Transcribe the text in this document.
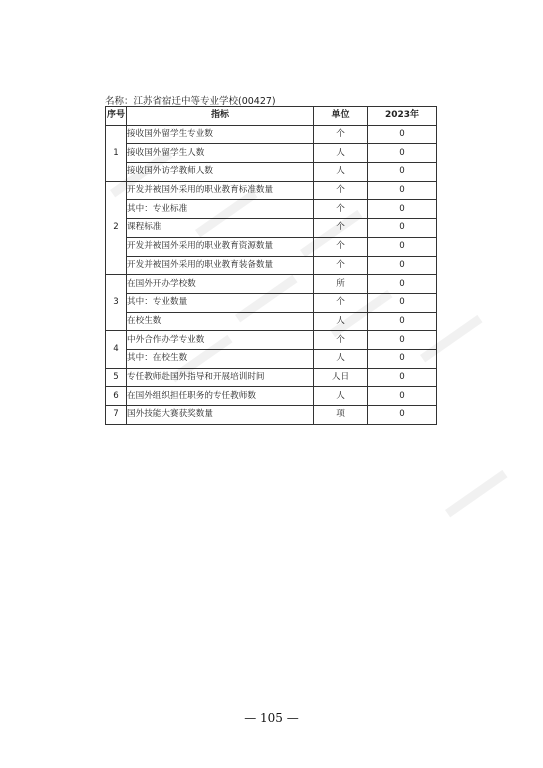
名称：江苏省宿迁中等专业学校(00427)
序号	指标	单位	2023年
1	接收国外留学生专业数	个	0
	接收国外留学生人数	人	0
	接收国外访学教师人数	人	0
2	开发并被国外采用的职业教育标准数量	个	0
	其中：专业标准	个	0
	课程标准	个	0
	开发并被国外采用的职业教育资源数量	个	0
	开发并被国外采用的职业教育装备数量	个	0
3	在国外开办学校数	所	0
	其中：专业数量	个	0
	在校生数	人	0
4	中外合作办学专业数	个	0
	其中：在校生数	人	0
5	专任教师赴国外指导和开展培训时间	人日	0
6	在国外组织担任职务的专任教师数	人	0
7	国外技能大赛获奖数量	项	0
— 105 —
